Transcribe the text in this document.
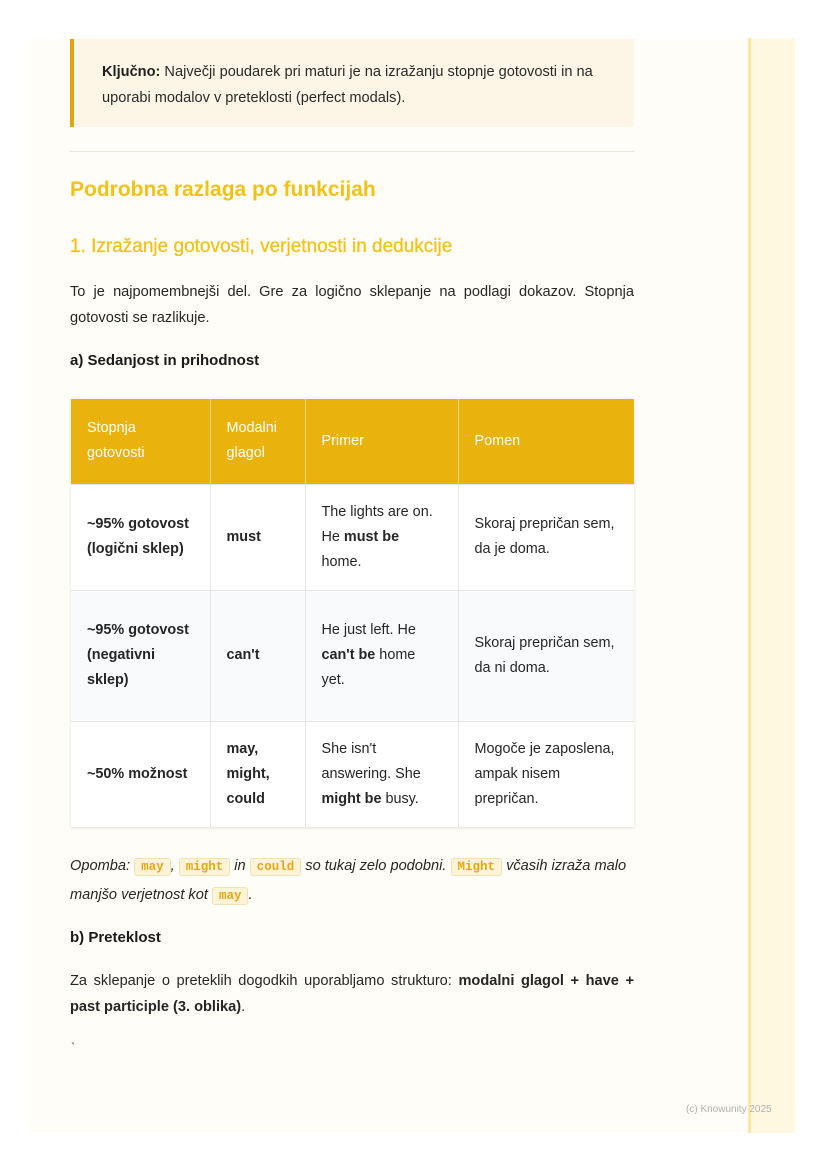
Ključno: Največji poudarek pri maturi je na izražanju stopnje gotovosti in na uporabi modalov v preteklosti (perfect modals).
Podrobna razlaga po funkcijah
1. Izražanje gotovosti, verjetnosti in dedukcije

To je najpomembnejši del. Gre za logično sklepanje na podlagi dokazov. Stopnja gotovosti se razlikuje.

a) Sedanjost in prihodnost
Stopnja gotovosti	Modalni glagol	Primer	Pomen
~95% gotovost (logični sklep)	must	The lights are on. He must be home.	Skoraj prepričan sem, da je doma.
~95% gotovost (negativni sklep)	can't	He just left. He can't be home yet.	Skoraj prepričan sem, da ni doma.
~50% možnost	may, might, could	She isn't answering. She might be busy.	Mogoče je zaposlena, ampak nisem prepričan.

Opomba: may , might in could so tukaj zelo podobni. Might včasih izraža malo manjšo verjetnost kot may .

b) Preteklost

Za sklepanje o preteklih dogodkih uporabljamo strukturo: modalni glagol + have + past participle (3. oblika).

`
(c) Knowunity 2025
